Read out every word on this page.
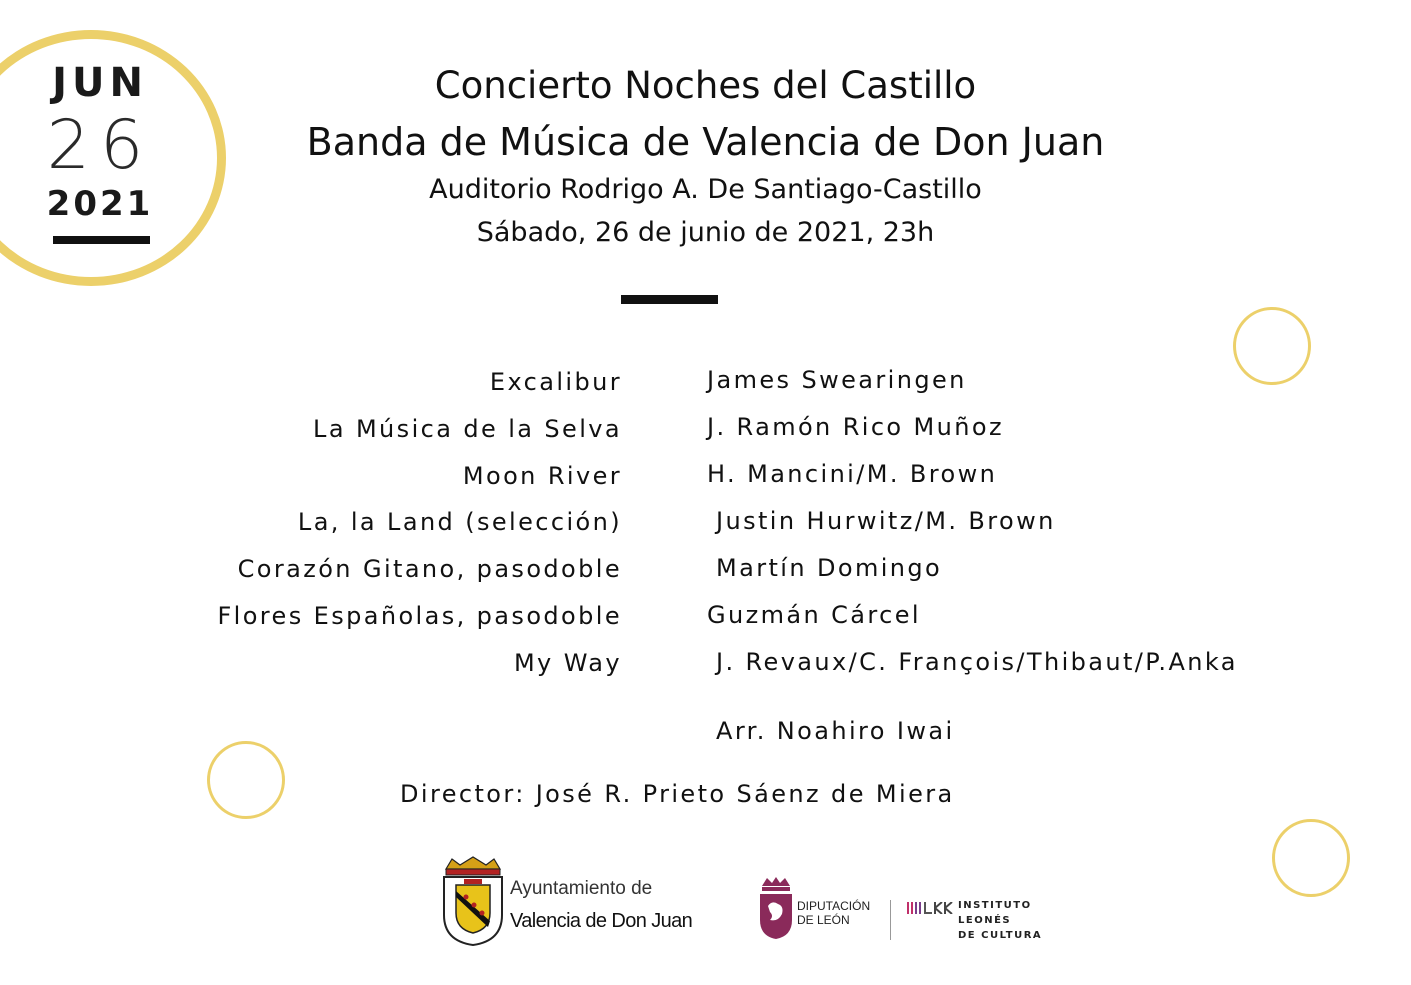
JUN
26
2021
Concierto Noches del Castillo
Banda de Música de Valencia de Don Juan
Auditorio Rodrigo A. De Santiago-Castillo
Sábado, 26 de junio de 2021, 23h
Excalibur	James Swearingen
La Música de la Selva	J. Ramón Rico Muñoz
Moon River	H. Mancini/M. Brown
La, la Land (selección)	Justin Hurwitz/M. Brown
Corazón Gitano, pasodoble	Martín Domingo
Flores Españolas, pasodoble	Guzmán Cárcel
My Way	J. Revaux/C. François/Thibaut/P.Anka
Arr. Noahiro Iwai
Director: José R. Prieto Sáenz de Miera
Ayuntamiento de
Valencia de Don Juan
DIPUTACIÓN
DE LEÓN
INSTITUTO
LEONÉS
DE CULTURA
